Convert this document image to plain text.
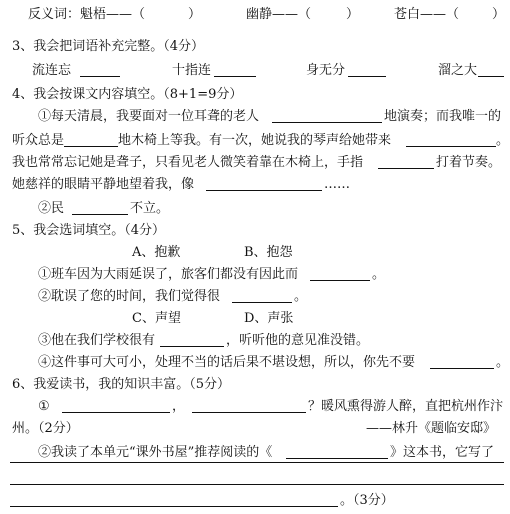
反义词： 魁梧——（	）	幽静——（	）	苍白——（	）
3、我会把词语补充完整。（4分）
流连忘	十指连	身无分	溜之大
4、我会按课文内容填空。（8+1=9分）
①每天清晨，我要面对一位耳聋的老人	地演奏；而我唯一的
听众总是	地木椅上等我。有一次，她说我的琴声给她带来	。
我也常常忘记她是聋子，只看见老人微笑着靠在木椅上，手指	打着节奏。
她慈祥的眼睛平静地望着我，像	……
②民	不立。
5、我会选词填空。（4分）
A、抱歉	B、抱怨
①班车因为大雨延误了，旅客们都没有因此而	。
②耽误了您的时间，我们觉得很	。
C、声望	D、声张
③他在我们学校很有	，听听他的意见准没错。
④这件事可大可小，处理不当的话后果不堪设想，所以，你先不要	。
6、我爱读书，我的知识丰富。（5分）
①	，	？暖风熏得游人醉，直把杭州作汴
州。（2分）	——林升《题临安邸》
②我读了本单元“课外书屋”推荐阅读的《	》这本书，它写了
。（3分）
